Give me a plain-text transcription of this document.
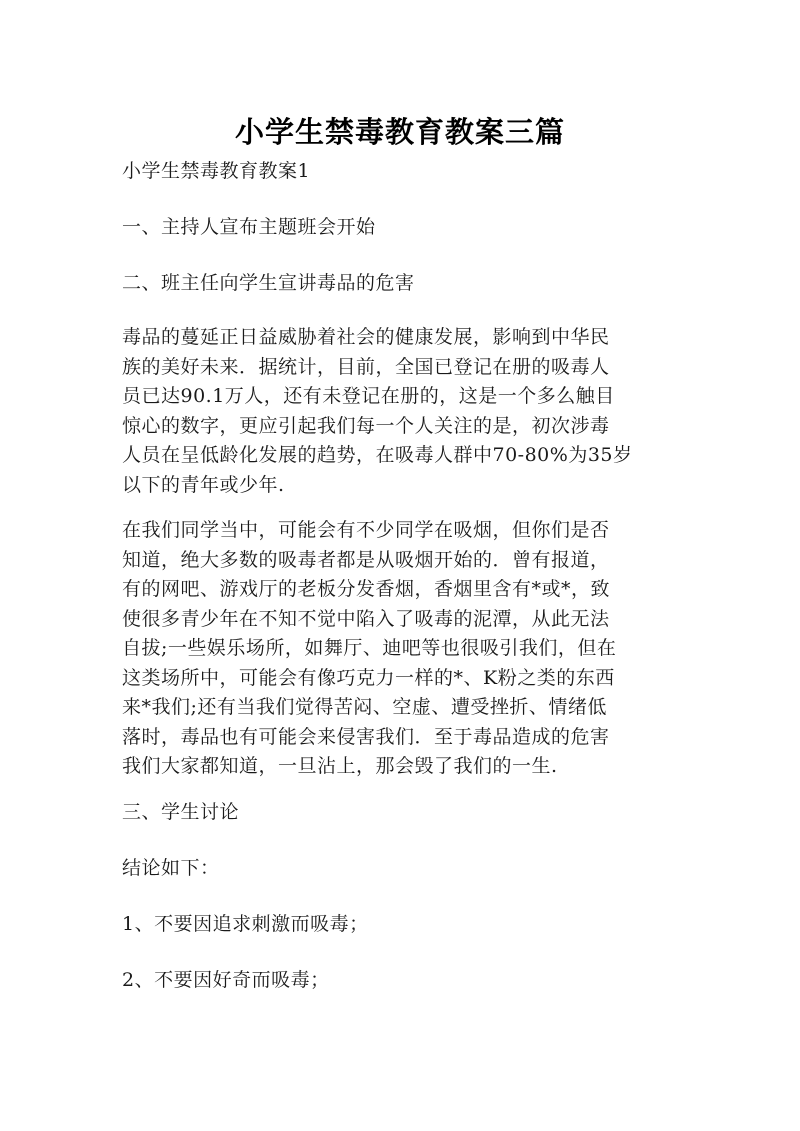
小学生禁毒教育教案三篇
小学生禁毒教育教案1
一、主持人宣布主题班会开始
二、班主任向学生宣讲毒品的危害
毒品的蔓延正日益威胁着社会的健康发展，影响到中华民
族的美好未来．据统计，目前，全国已登记在册的吸毒人
员已达90.1万人，还有未登记在册的，这是一个多么触目
惊心的数字，更应引起我们每一个人关注的是，初次涉毒
人员在呈低龄化发展的趋势，在吸毒人群中70-80%为35岁
以下的青年或少年.
在我们同学当中，可能会有不少同学在吸烟，但你们是否
知道，绝大多数的吸毒者都是从吸烟开始的．曾有报道，
有的网吧、游戏厅的老板分发香烟，香烟里含有*或*，致
使很多青少年在不知不觉中陷入了吸毒的泥潭，从此无法
自拔;一些娱乐场所，如舞厅、迪吧等也很吸引我们，但在
这类场所中，可能会有像巧克力一样的*、K粉之类的东西
来*我们;还有当我们觉得苦闷、空虚、遭受挫折、情绪低
落时，毒品也有可能会来侵害我们．至于毒品造成的危害
我们大家都知道，一旦沾上，那会毁了我们的一生.
三、学生讨论
结论如下：
1、不要因追求刺激而吸毒；
2、不要因好奇而吸毒；
